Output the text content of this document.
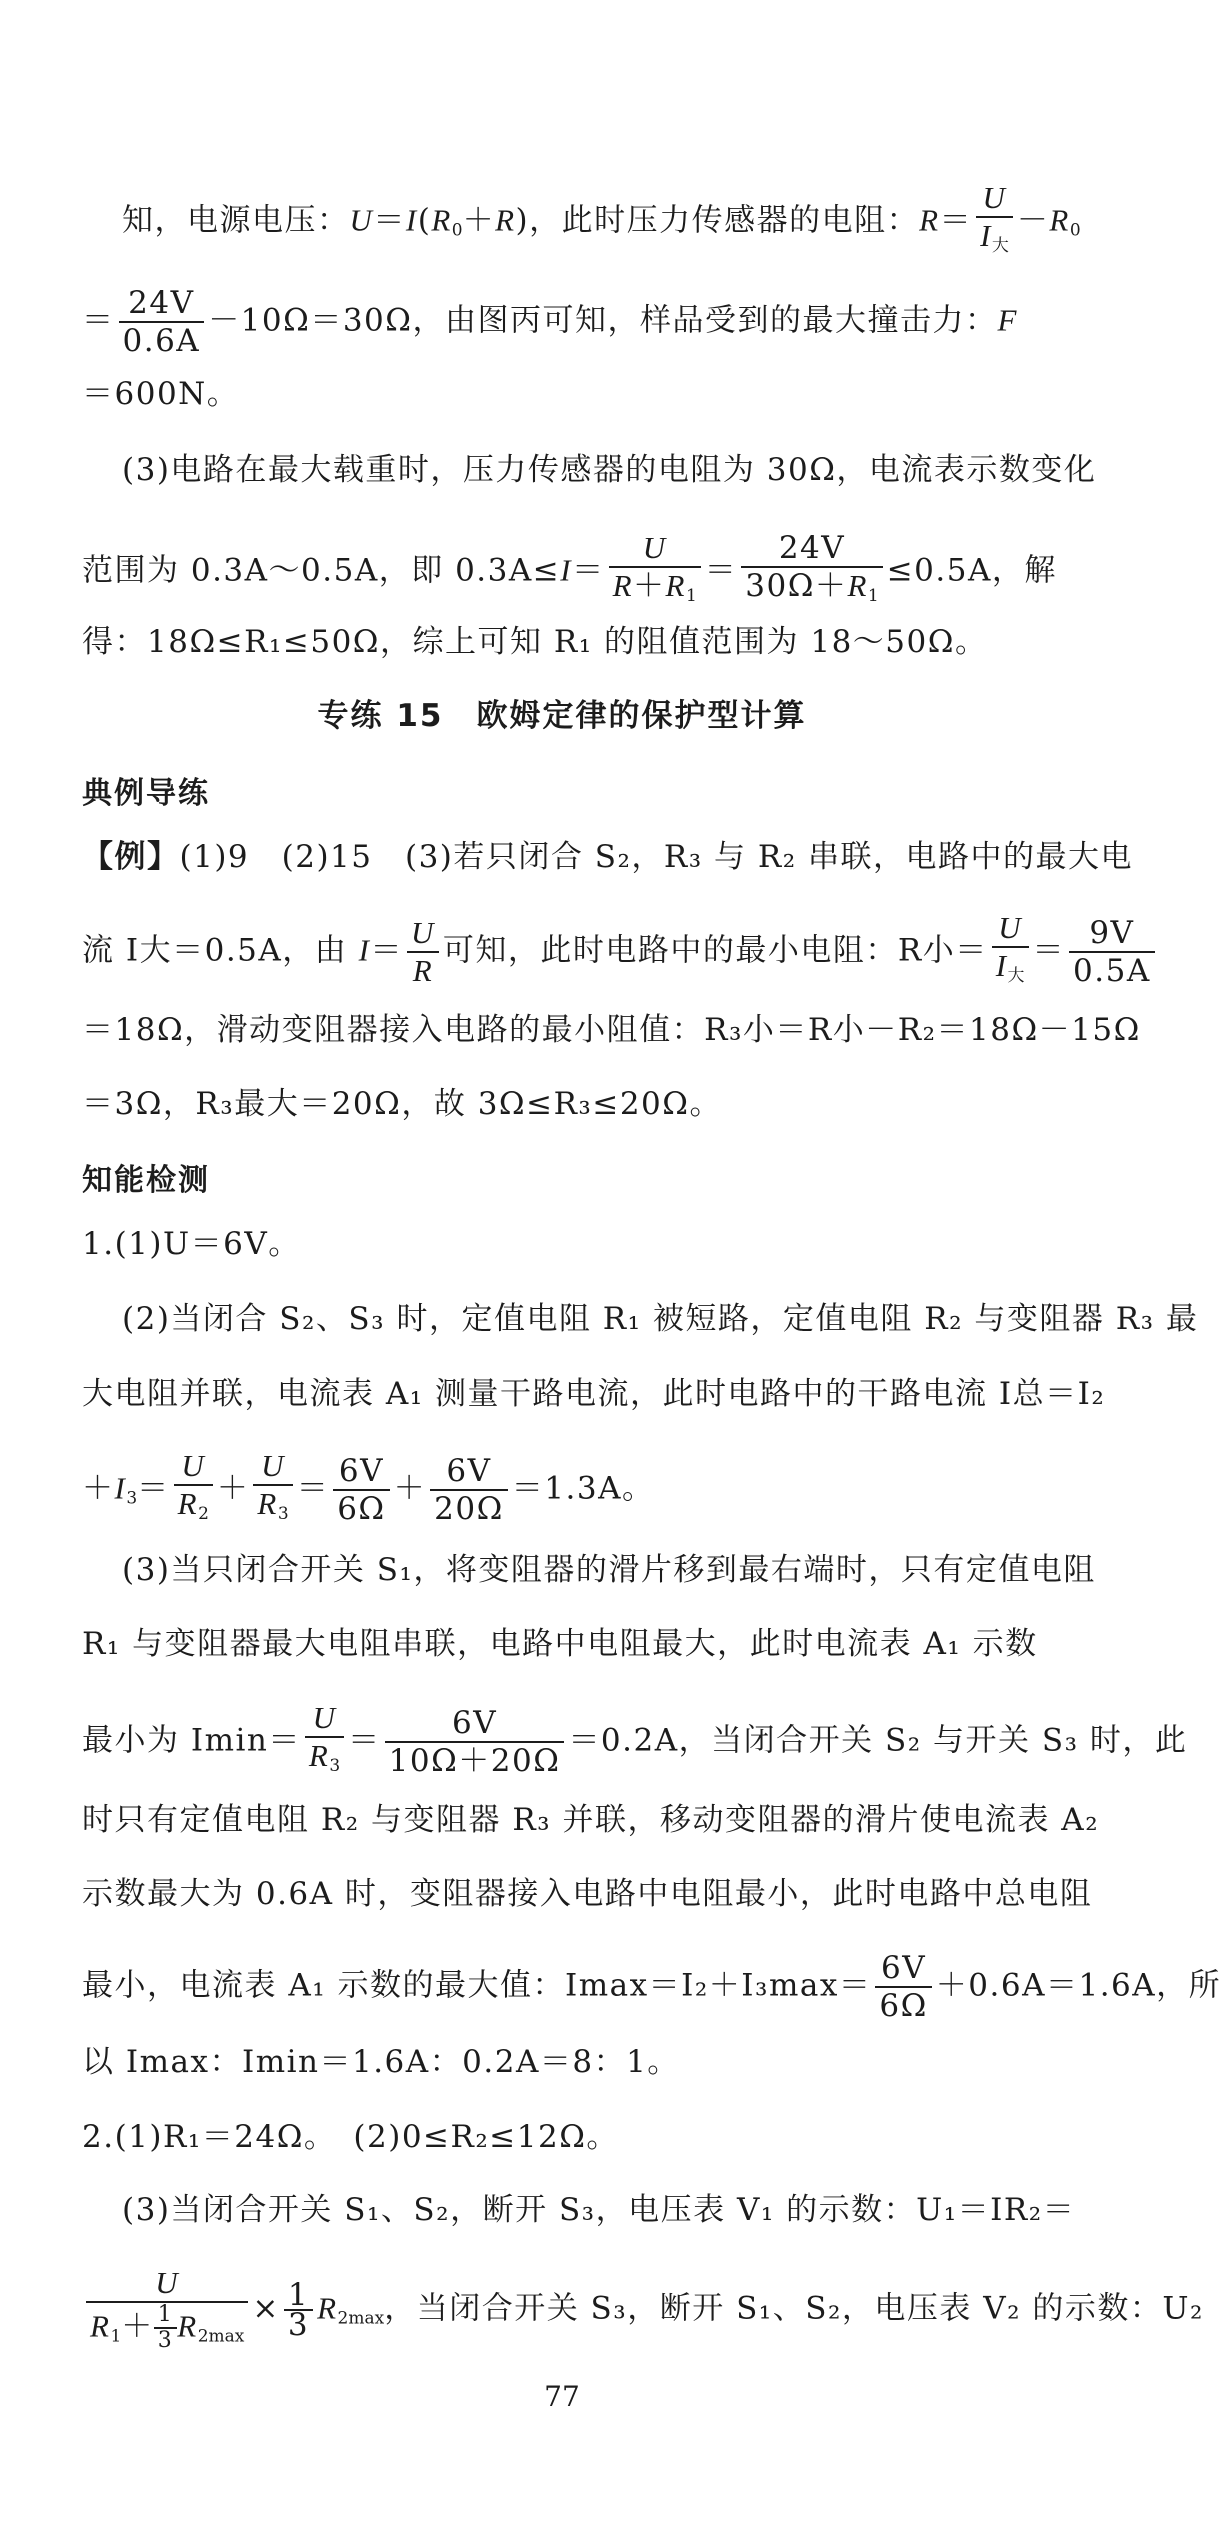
知，电源电压：$U=I(R_0+R)$，此时压力传感器的电阻：$R= \frac{U}{I_大} -R_0$
＝ $\frac{24V}{0.6A} -10\Omega=30\Omega$，由图丙可知，样品受到的最大撞击力：F
＝600N。
(3)电路在最大载重时，压力传感器的电阻为 30Ω，电流表示数变化
范围为 0.3A～0.5A，即 $0.3A\le I= \frac{U}{R+R_1} = \frac{24V}{30\Omega+R_1} \le 0.5A$，解
得：18Ω≤R₁≤50Ω，综上可知 R₁ 的阻值范围为 18～50Ω。
专练 15　欧姆定律的保护型计算
典例导练
【例】(1)9　(2)15　(3)若只闭合 S₂，R₃ 与 R₂ 串联，电路中的最大电
流 I大＝0.5A，由 $I= \frac{U}{R}$ 可知，此时电路中的最小电阻：R小＝ $\frac{U}{I_大} = \frac{9V}{0.5A}$
＝18Ω，滑动变阻器接入电路的最小阻值：R₃小＝R小－R₂＝18Ω－15Ω
＝3Ω，R₃最大＝20Ω，故 3Ω≤R₃≤20Ω。
知能检测
1.(1)U＝6V。
(2)当闭合 S₂、S₃ 时，定值电阻 R₁ 被短路，定值电阻 R₂ 与变阻器 R₃ 最
大电阻并联，电流表 A₁ 测量干路电流，此时电路中的干路电流 I总＝I₂
$+I_3= \frac{U}{R_2} + \frac{U}{R_3} = \frac{6V}{6\Omega} + \frac{6V}{20\Omega} =1.3A$。
(3)当只闭合开关 S₁，将变阻器的滑片移到最右端时，只有定值电阻
R₁ 与变阻器最大电阻串联，电路中电阻最大，此时电流表 A₁ 示数
最小为 $Imin= \frac{U}{R_3} = \frac{6V}{10\Omega+20\Omega} =0.2A$，当闭合开关 S₂ 与开关 S₃ 时，此
时只有定值电阻 R₂ 与变阻器 R₃ 并联，移动变阻器的滑片使电流表 A₂
示数最大为 0.6A 时，变阻器接入电路中电阻最小，此时电路中总电阻
最小，电流表 A₁ 示数的最大值：$Imax=I_2+I_3\max= \frac{6V}{6\Omega} +0.6A=1.6A$，所
以 Imax：Imin＝1.6A：0.2A＝8：1。
2.(1)R₁＝24Ω。　(2)0≤R₂≤12Ω。
(3)当闭合开关 S₁、S₂，断开 S₃，电压表 V₁ 的示数：U₁＝IR₂＝
$\frac{U}{R_1+ \frac{1}{3} R_{2max}} \times \frac{1}{3} R_{2max}$，当闭合开关 S₃，断开 S₁、S₂，电压表 V₂ 的示数：U₂
77
